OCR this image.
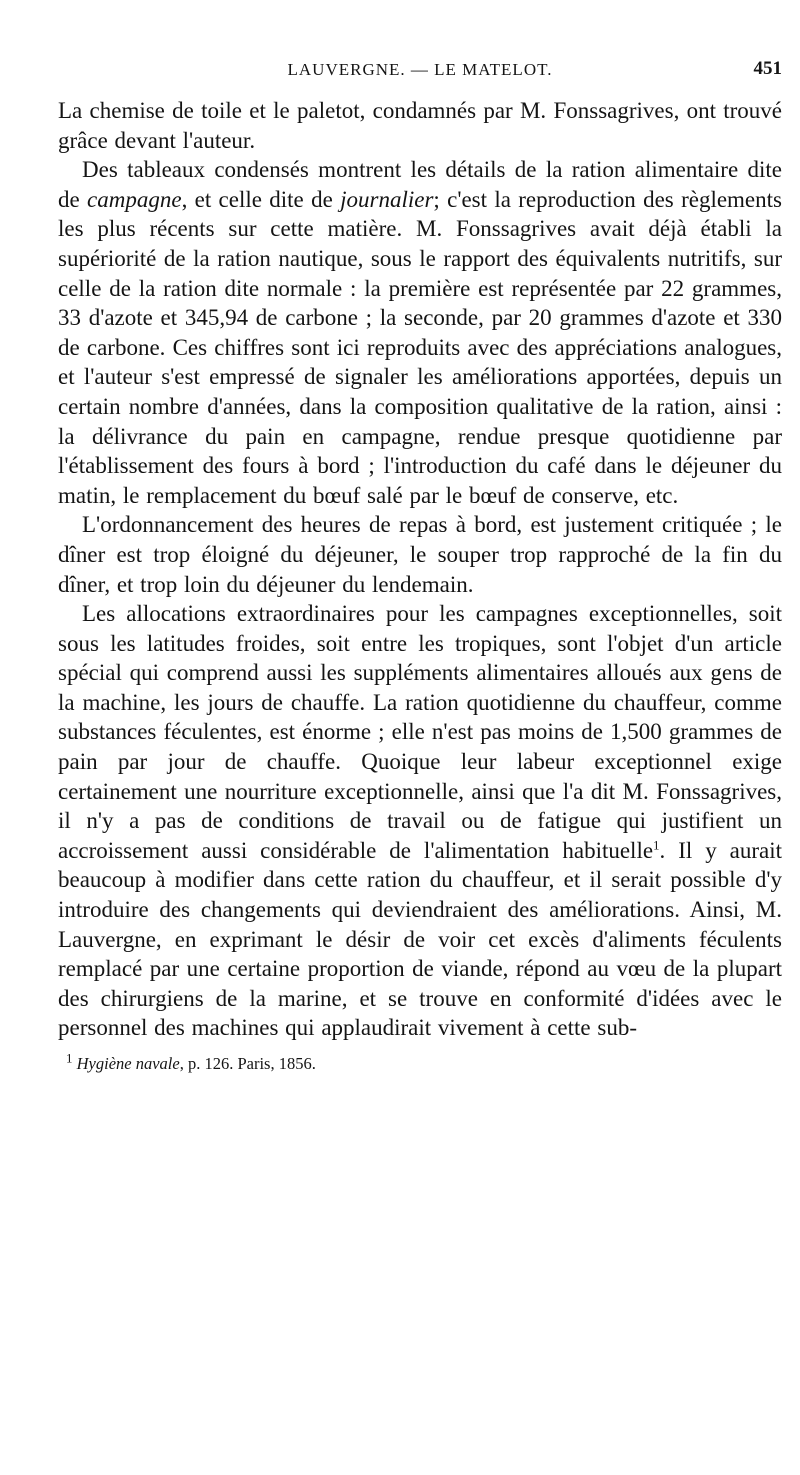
LAUVERGNE. — LE MATELOT.	451

La chemise de toile et le paletot, condamnés par M. Fonssagrives, ont trouvé grâce devant l'auteur.

Des tableaux condensés montrent les détails de la ration alimentaire dite de campagne, et celle dite de journalier; c'est la reproduction des règlements les plus récents sur cette matière. M. Fonssagrives avait déjà établi la supériorité de la ration nautique, sous le rapport des équivalents nutritifs, sur celle de la ration dite normale : la première est représentée par 22 grammes, 33 d'azote et 345,94 de carbone ; la seconde, par 20 grammes d'azote et 330 de carbone. Ces chiffres sont ici reproduits avec des appréciations analogues, et l'auteur s'est empressé de signaler les améliorations apportées, depuis un certain nombre d'années, dans la composition qualitative de la ration, ainsi : la délivrance du pain en campagne, rendue presque quotidienne par l'établissement des fours à bord ; l'introduction du café dans le déjeuner du matin, le remplacement du bœuf salé par le bœuf de conserve, etc.

L'ordonnancement des heures de repas à bord, est justement critiquée ; le dîner est trop éloigné du déjeuner, le souper trop rapproché de la fin du dîner, et trop loin du déjeuner du lendemain.

Les allocations extraordinaires pour les campagnes exceptionnelles, soit sous les latitudes froides, soit entre les tropiques, sont l'objet d'un article spécial qui comprend aussi les suppléments alimentaires alloués aux gens de la machine, les jours de chauffe. La ration quotidienne du chauffeur, comme substances féculentes, est énorme ; elle n'est pas moins de 1,500 grammes de pain par jour de chauffe. Quoique leur labeur exceptionnel exige certainement une nourriture exceptionnelle, ainsi que l'a dit M. Fonssagrives, il n'y a pas de conditions de travail ou de fatigue qui justifient un accroissement aussi considérable de l'alimentation habituelle$^1$. Il y aurait beaucoup à modifier dans cette ration du chauffeur, et il serait possible d'y introduire des changements qui deviendraient des améliorations. Ainsi, M. Lauvergne, en exprimant le désir de voir cet excès d'aliments féculents remplacé par une certaine proportion de viande, répond au vœu de la plupart des chirurgiens de la marine, et se trouve en conformité d'idées avec le personnel des machines qui applaudirait vivement à cette sub-

$^1$ Hygiène navale, p. 126. Paris, 1856.
